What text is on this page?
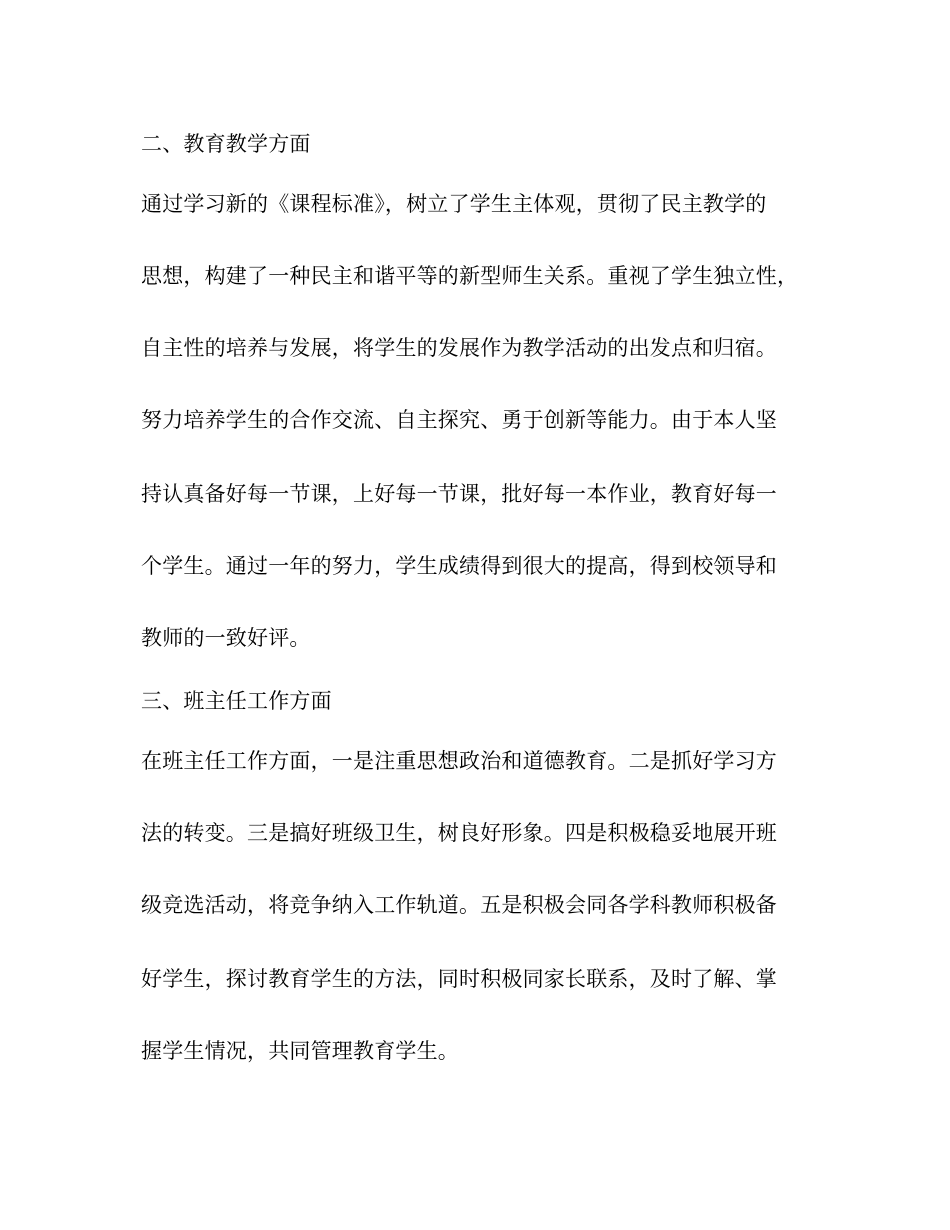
二、教育教学方面

通过学习新的《课程标准》，树立了学生主体观，贯彻了民主教学的

思想，构建了一种民主和谐平等的新型师生关系。重视了学生独立性，

自主性的培养与发展，将学生的发展作为教学活动的出发点和归宿。

努力培养学生的合作交流、自主探究、勇于创新等能力。由于本人坚

持认真备好每一节课，上好每一节课，批好每一本作业，教育好每一

个学生。通过一年的努力，学生成绩得到很大的提高，得到校领导和

教师的一致好评。

三、班主任工作方面

在班主任工作方面，一是注重思想政治和道德教育。二是抓好学习方

法的转变。三是搞好班级卫生，树良好形象。四是积极稳妥地展开班

级竞选活动，将竞争纳入工作轨道。五是积极会同各学科教师积极备

好学生，探讨教育学生的方法，同时积极同家长联系，及时了解、掌

握学生情况，共同管理教育学生。
